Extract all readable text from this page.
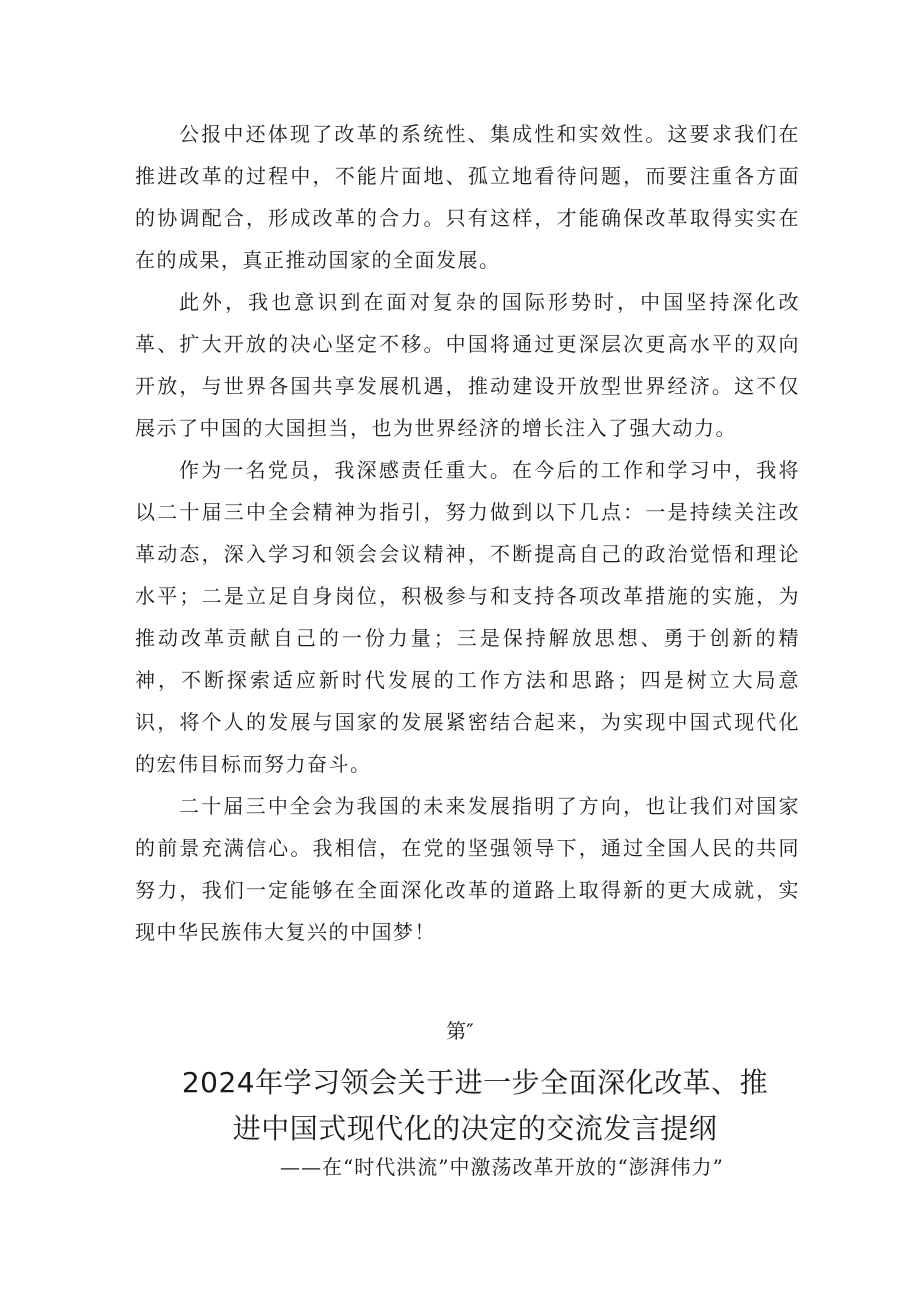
公报中还体现了改革的系统性、集成性和实效性。这要求我们在推进改革的过程中，不能片面地、孤立地看待问题，而要注重各方面的协调配合，形成改革的合力。只有这样，才能确保改革取得实实在在的成果，真正推动国家的全面发展。

此外，我也意识到在面对复杂的国际形势时，中国坚持深化改革、扩大开放的决心坚定不移。中国将通过更深层次更高水平的双向开放，与世界各国共享发展机遇，推动建设开放型世界经济。这不仅展示了中国的大国担当，也为世界经济的增长注入了强大动力。

作为一名党员，我深感责任重大。在今后的工作和学习中，我将以二十届三中全会精神为指引，努力做到以下几点：一是持续关注改革动态，深入学习和领会会议精神，不断提高自己的政治觉悟和理论水平；二是立足自身岗位，积极参与和支持各项改革措施的实施，为推动改革贡献自己的一份力量；三是保持解放思想、勇于创新的精神，不断探索适应新时代发展的工作方法和思路；四是树立大局意识，将个人的发展与国家的发展紧密结合起来，为实现中国式现代化的宏伟目标而努力奋斗。

二十届三中全会为我国的未来发展指明了方向，也让我们对国家的前景充满信心。我相信，在党的坚强领导下，通过全国人民的共同努力，我们一定能够在全面深化改革的道路上取得新的更大成就，实现中华民族伟大复兴的中国梦！

第″
2024年学习领会关于进一步全面深化改革、推进中国式现代化的决定的交流发言提纲

——在“时代洪流”中激荡改革开放的“澎湃伟力”
